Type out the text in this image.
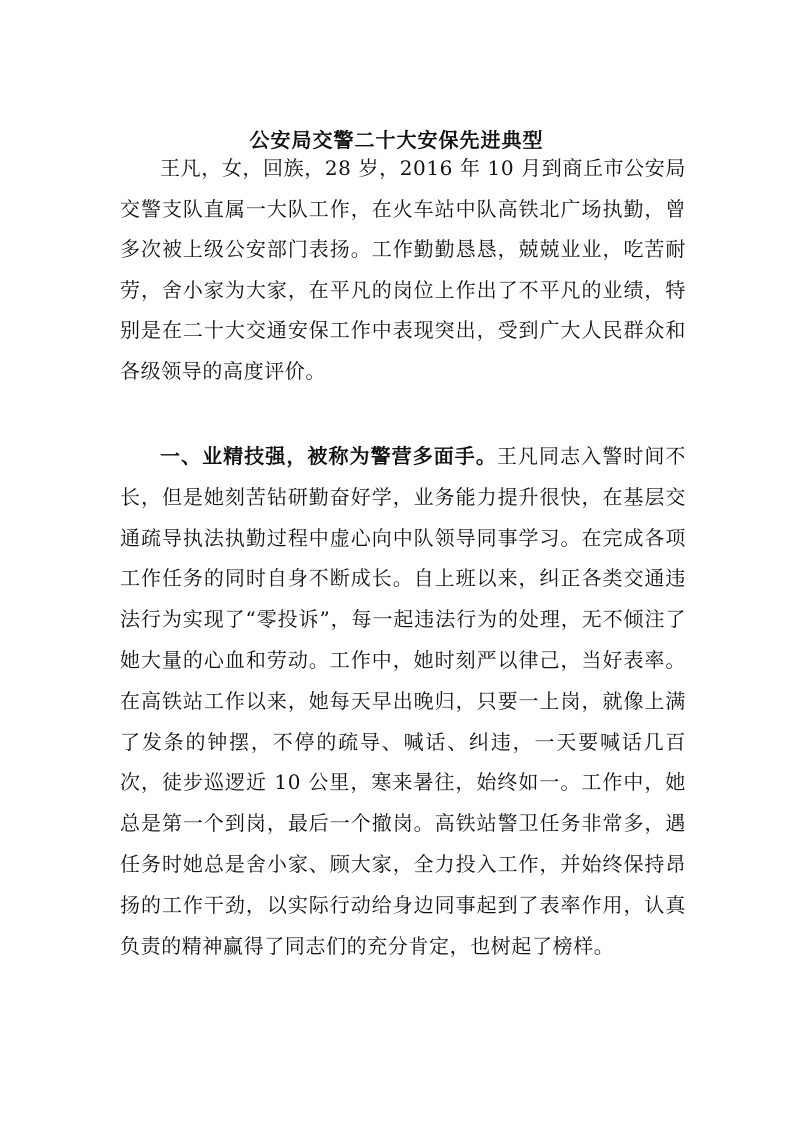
公安局交警二十大安保先进典型

王凡，女，回族，28 岁，2016 年 10 月到商丘市公安局交警支队直属一大队工作，在火车站中队高铁北广场执勤，曾多次被上级公安部门表扬。工作勤勤恳恳，兢兢业业，吃苦耐劳，舍小家为大家，在平凡的岗位上作出了不平凡的业绩，特别是在二十大交通安保工作中表现突出，受到广大人民群众和各级领导的高度评价。

一、业精技强，被称为警营多面手。王凡同志入警时间不长，但是她刻苦钻研勤奋好学，业务能力提升很快，在基层交通疏导执法执勤过程中虚心向中队领导同事学习。在完成各项工作任务的同时自身不断成长。自上班以来，纠正各类交通违法行为实现了“零投诉”，每一起违法行为的处理，无不倾注了她大量的心血和劳动。工作中，她时刻严以律己，当好表率。在高铁站工作以来，她每天早出晚归，只要一上岗，就像上满了发条的钟摆，不停的疏导、喊话、纠违，一天要喊话几百次，徒步巡逻近 10 公里，寒来暑往，始终如一。工作中，她总是第一个到岗，最后一个撤岗。高铁站警卫任务非常多，遇任务时她总是舍小家、顾大家，全力投入工作，并始终保持昂扬的工作干劲，以实际行动给身边同事起到了表率作用，认真负责的精神赢得了同志们的充分肯定，也树起了榜样。
